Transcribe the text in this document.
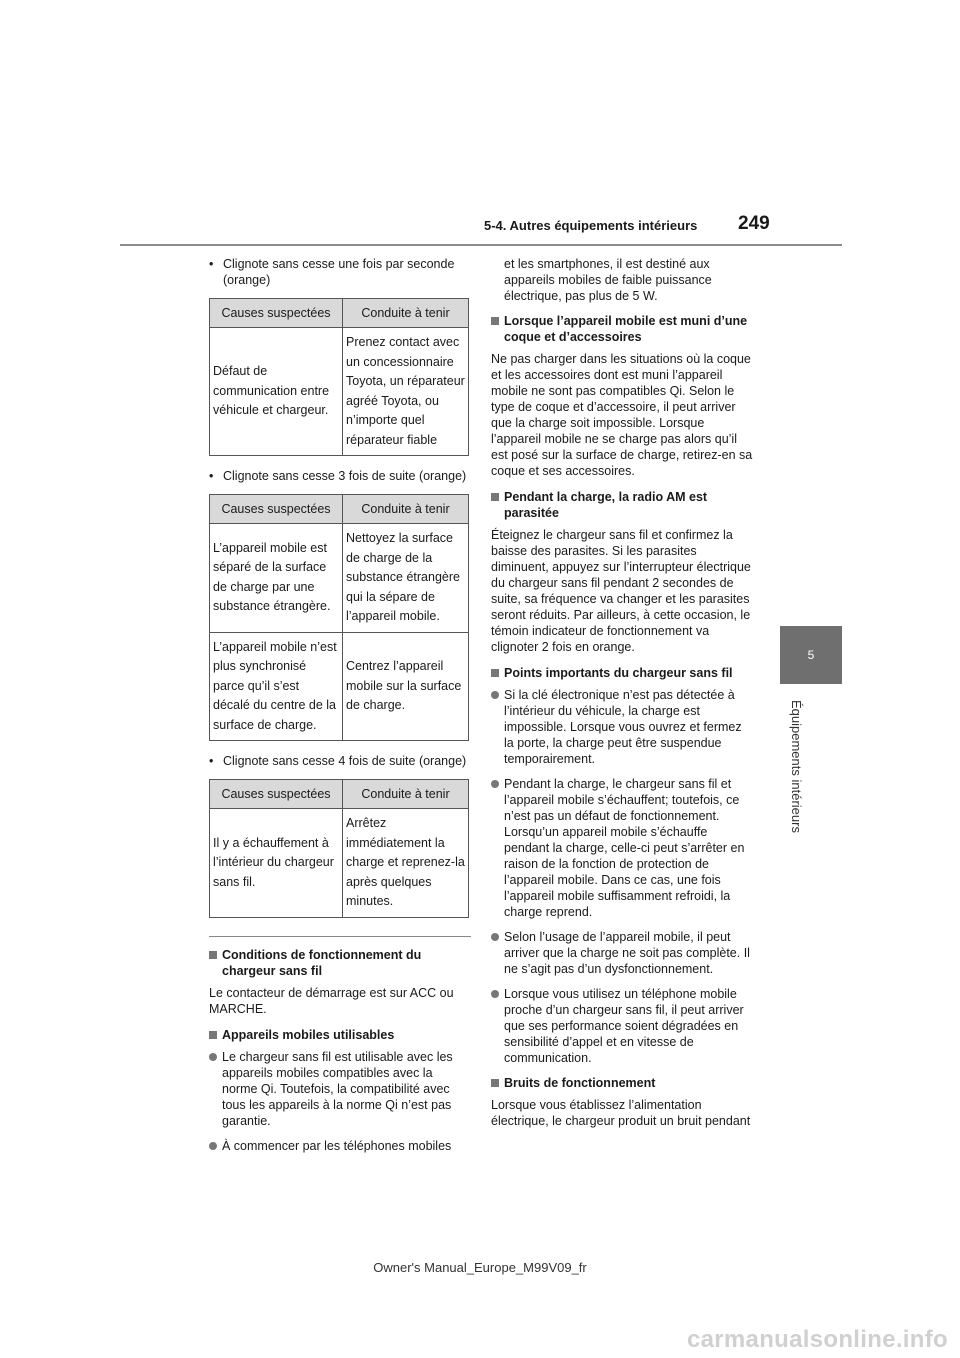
5-4. Autres équipements intérieurs 249
5
Équipements intérieurs
• Clignote sans cesse une fois par seconde (orange)
Causes suspectées	Conduite à tenir
Défaut de communication entre véhicule et chargeur.	Prenez contact avec un concessionnaire Toyota, un réparateur agréé Toyota, ou n’importe quel réparateur fiable
• Clignote sans cesse 3 fois de suite (orange)
Causes suspectées	Conduite à tenir
L’appareil mobile est séparé de la surface de charge par une substance étrangère.	Nettoyez la surface de charge de la substance étrangère qui la sépare de l’appareil mobile.
L’appareil mobile n’est plus synchronisé parce qu’il s’est décalé du centre de la surface de charge.	Centrez l’appareil mobile sur la surface de charge.
• Clignote sans cesse 4 fois de suite (orange)
Causes suspectées	Conduite à tenir
Il y a échauffement à l’intérieur du chargeur sans fil.	Arrêtez immédiatement la charge et reprenez-la après quelques minutes.
Conditions de fonctionnement du chargeur sans fil

Le contacteur de démarrage est sur ACC ou MARCHE.

Appareils mobiles utilisables
Le chargeur sans fil est utilisable avec les appareils mobiles compatibles avec la norme Qi. Toutefois, la compatibilité avec tous les appareils à la norme Qi n’est pas garantie.
À commencer par les téléphones mobiles
et les smartphones, il est destiné aux appareils mobiles de faible puissance électrique, pas plus de 5 W.
Lorsque l’appareil mobile est muni d’une coque et d’accessoires

Ne pas charger dans les situations où la coque et les accessoires dont est muni l’appareil mobile ne sont pas compatibles Qi. Selon le type de coque et d’accessoire, il peut arriver que la charge soit impossible. Lorsque l’appareil mobile ne se charge pas alors qu’il est posé sur la surface de charge, retirez-en sa coque et ses accessoires.

Pendant la charge, la radio AM est parasitée

Éteignez le chargeur sans fil et confirmez la baisse des parasites. Si les parasites diminuent, appuyez sur l’interrupteur électrique du chargeur sans fil pendant 2 secondes de suite, sa fréquence va changer et les parasites seront réduits. Par ailleurs, à cette occasion, le témoin indicateur de fonctionnement va clignoter 2 fois en orange.

Points importants du chargeur sans fil
Si la clé électronique n’est pas détectée à l’intérieur du véhicule, la charge est impossible. Lorsque vous ouvrez et fermez la porte, la charge peut être suspendue temporairement.
Pendant la charge, le chargeur sans fil et l’appareil mobile s’échauffent; toutefois, ce n’est pas un défaut de fonctionnement. Lorsqu’un appareil mobile s’échauffe pendant la charge, celle-ci peut s’arrêter en raison de la fonction de protection de l’appareil mobile. Dans ce cas, une fois l’appareil mobile suffisamment refroidi, la charge reprend.
Selon l’usage de l’appareil mobile, il peut arriver que la charge ne soit pas complète. Il ne s’agit pas d’un dysfonctionnement.
Lorsque vous utilisez un téléphone mobile proche d’un chargeur sans fil, il peut arriver que ses performance soient dégradées en sensibilité d’appel et en vitesse de communication.
Bruits de fonctionnement

Lorsque vous établissez l’alimentation électrique, le chargeur produit un bruit pendant

Owner's Manual_Europe_M99V09_fr
carmanualsonline.info
